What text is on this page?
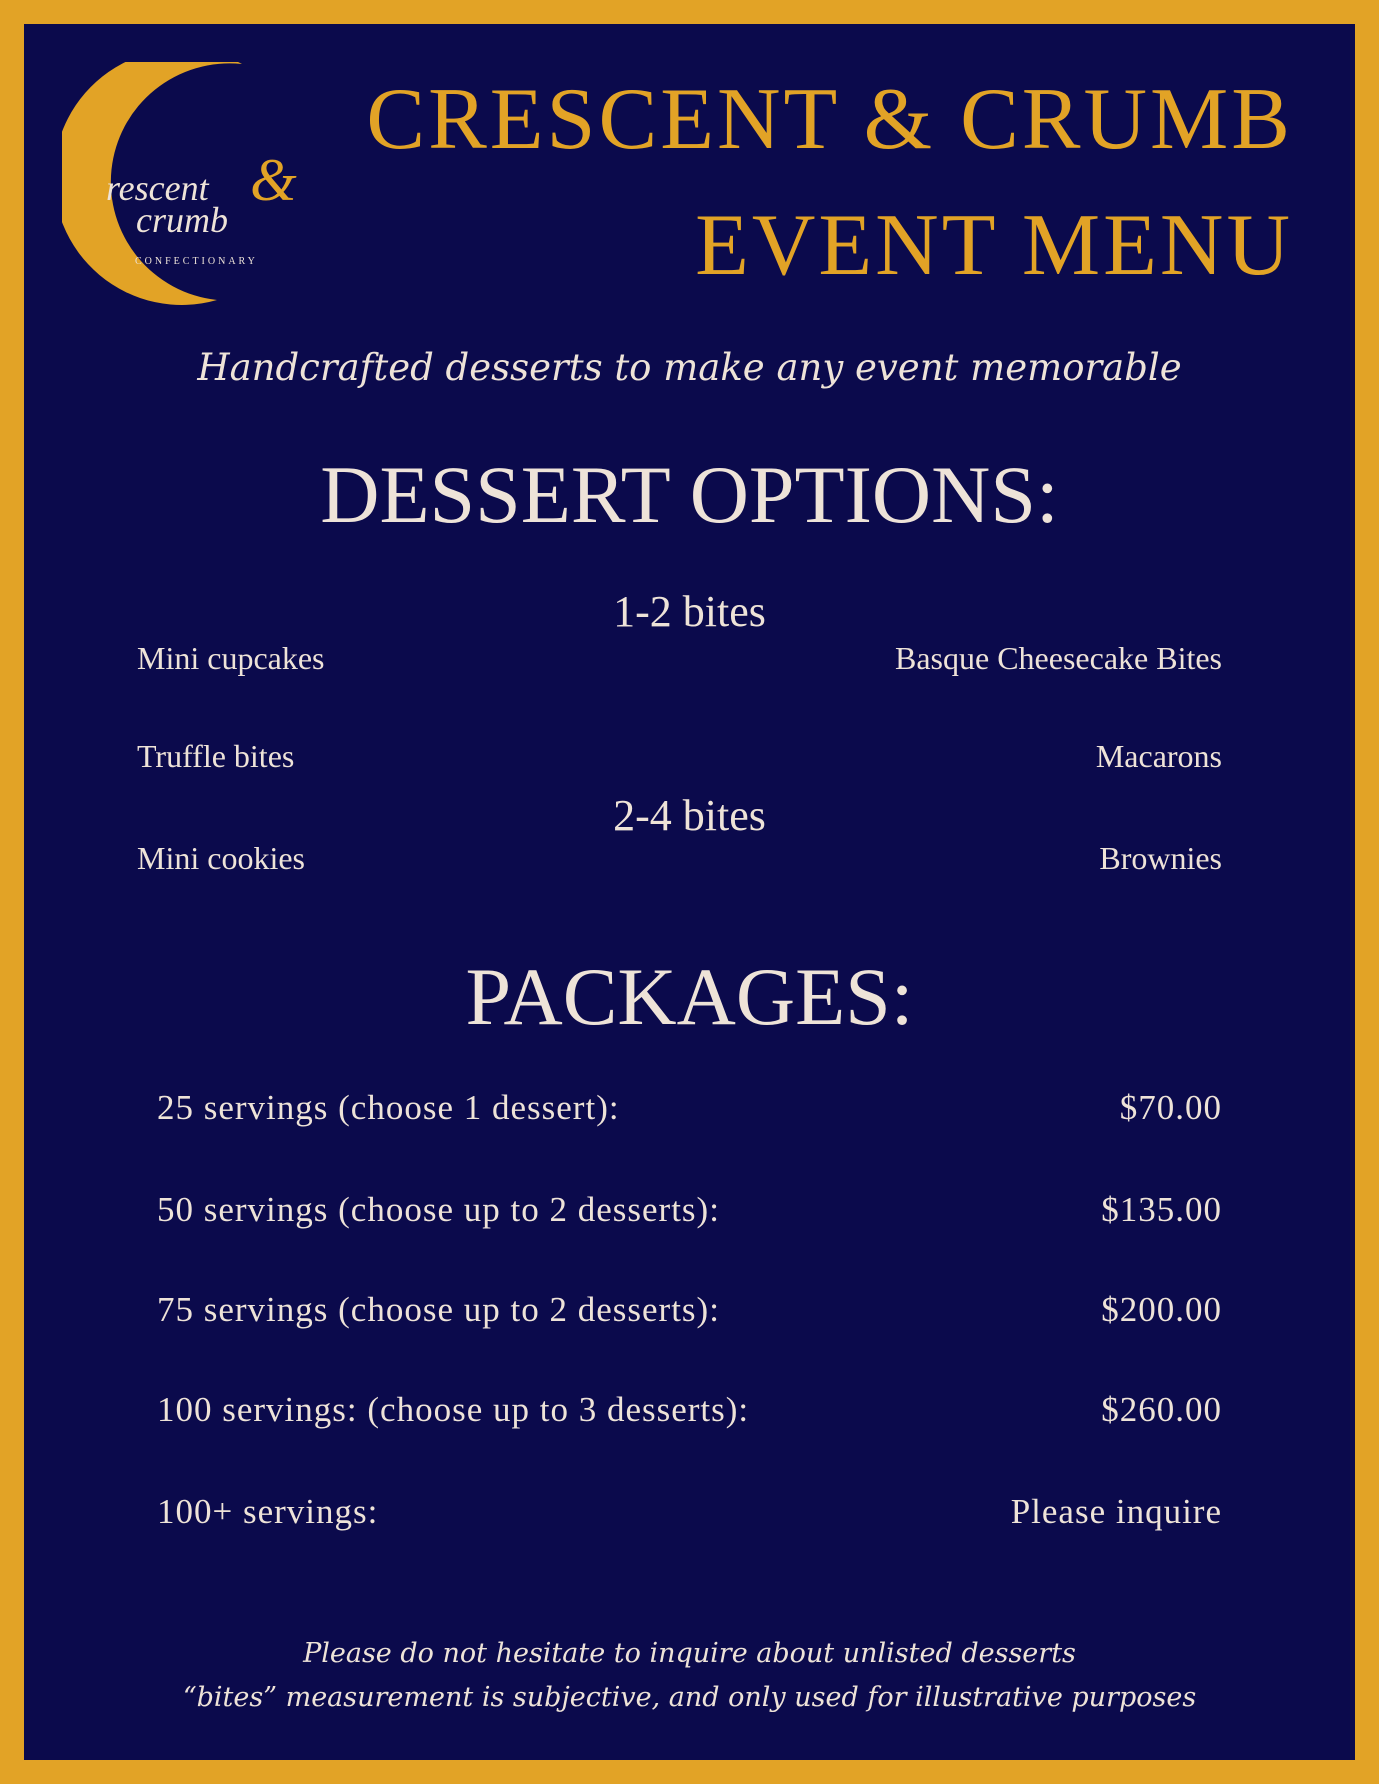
rescent &
crumb
CONFECTIONARY
CRESCENT & CRUMB
EVENT MENU
Handcrafted desserts to make any event memorable
DESSERT OPTIONS:
1-2 bites
Mini cupcakes	Basque Cheesecake Bites
Truffle bites	Macarons
2-4 bites
Mini cookies	Brownies
PACKAGES:
25 servings (choose 1 dessert):	$70.00
50 servings (choose up to 2 desserts):	$135.00
75 servings (choose up to 2 desserts):	$200.00
100 servings: (choose up to 3 desserts):	$260.00
100+ servings:	Please inquire
Please do not hesitate to inquire about unlisted desserts
“bites” measurement is subjective, and only used for illustrative purposes
